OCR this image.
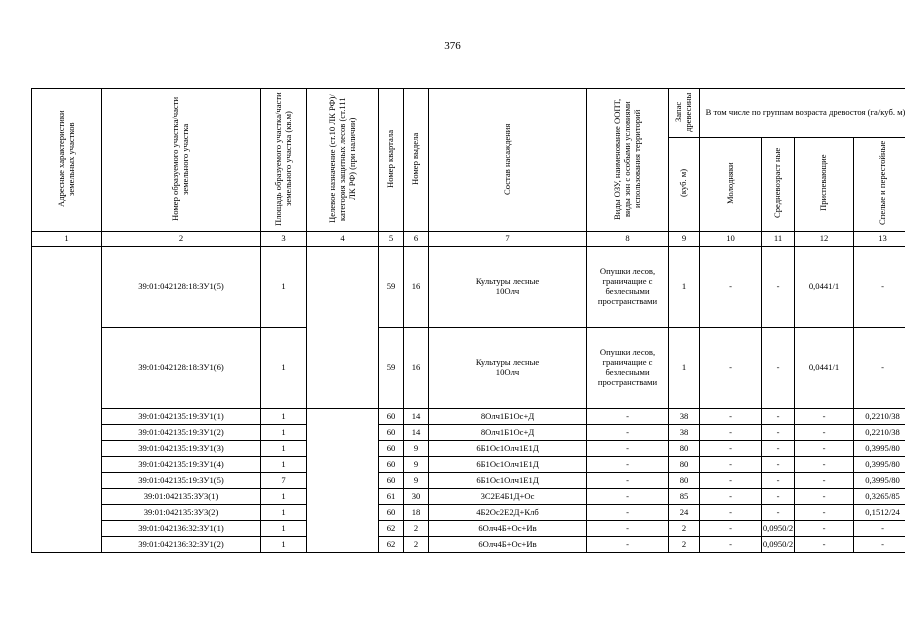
376
Адресные характеристики земельных участков	Номер образуемого участка/части земельного участка	Площадь образуемого участка/части земельного участка (кв.м)	Целевое назначение (ст.10 ЛК РФ)/категория защитных лесов (ст.111 ЛК РФ) (при наличии)	Номер квартала	Номер выдела	Состав насаждения	Виды ОЗУ, наименование ООПТ, виды зон с особыми условиями использования территорий	Запас древесины	В том числе по группам возраста древостоя (га/куб. м)			
								(куб. м)	Молодняки	Средневозраст ные	Приспевающие	Спелые и перестойные
1	2	3	4	5	6	7	8	9	10	11	12	13
	39:01:042128:18:ЗУ1(5)	1		59	16	Культуры лесные 10Олч	Опушки лесов, граничащие с безлесными пространствами	1	-	-	0,0441/1	-
	39:01:042128:18:ЗУ1(6)	1		59	16	Культуры лесные 10Олч	Опушки лесов, граничащие с безлесными пространствами	1	-	-	0,0441/1	-
	39:01:042135:19:ЗУ1(1)	1		60	14	8Олч1Б1Ос+Д	-	38	-	-	-	0,2210/38
	39:01:042135:19:ЗУ1(2)	1		60	14	8Олч1Б1Ос+Д	-	38	-	-	-	0,2210/38
	39:01:042135:19:ЗУ1(3)	1		60	9	6Б1Ос1Олч1Е1Д	-	80	-	-	-	0,3995/80
	39:01:042135:19:ЗУ1(4)	1		60	9	6Б1Ос1Олч1Е1Д	-	80	-	-	-	0,3995/80
	39:01:042135:19:ЗУ1(5)	7		60	9	6Б1Ос1Олч1Е1Д	-	80	-	-	-	0,3995/80
	39:01:042135:ЗУ3(1)	1		61	30	3С2Е4Б1Д+Ос	-	85	-	-	-	0,3265/85
	39:01:042135:ЗУ3(2)	1		60	18	4Б2Ос2Е2Д+Клб	-	24	-	-	-	0,1512/24
	39:01:042136:32:ЗУ1(1)	1		62	2	6Олч4Б+Ос+Ив	-	2	-	0,0950/2	-	-
	39:01:042136:32:ЗУ1(2)	1		62	2	6Олч4Б+Ос+Ив	-	2	-	0,0950/2	-	-
